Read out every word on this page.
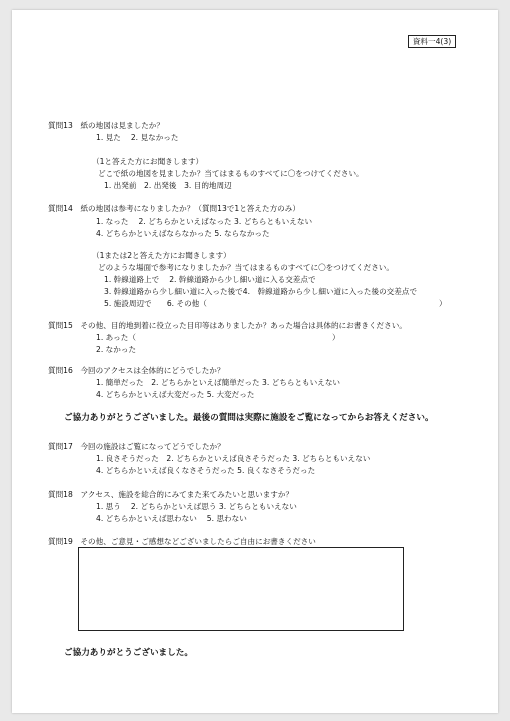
資料一4(3)
質問13　紙の地図は見ましたか？
1. 見た　 2. 見なかった
（1と答えた方にお聞きします）
どこで紙の地図を見ましたか？当てはまるものすべてに〇をつけてください。
1. 出発前　2. 出発後　3. 目的地周辺
質問14　紙の地図は参考になりましたか？（質問13で1と答えた方のみ）
1. なった　 2. どちらかといえばなった 3. どちらともいえない
4. どちらかといえばならなかった 5. ならなかった
（1または2と答えた方にお聞きします）
どのような場面で参考になりましたか？当てはまるものすべてに〇をつけてください。
1. 幹線道路上で　 2. 幹線道路から少し細い道に入る交差点で
3. 幹線道路から少し細い道に入った後で4.　幹線道路から少し細い道に入った後の交差点で
5. 施設周辺で　　6. その他（	）
質問15　その他、目的地到着に役立った目印等はありましたか？あった場合は具体的にお書きください。
1. あった（	）
2. なかった
質問16　今回のアクセスは全体的にどうでしたか？
1. 簡単だった　2. どちらかといえば簡単だった 3. どちらともいえない
4. どちらかといえば大変だった 5. 大変だった
ご協力ありがとうございました。最後の質問は実際に施設をご覧になってからお答えください。
質問17　今回の施設はご覧になってどうでしたか？
1. 良さそうだった　2. どちらかといえば良さそうだった 3. どちらともいえない
4. どちらかといえば良くなさそうだった 5. 良くなさそうだった
質問18　アクセス、施設を総合的にみてまた来てみたいと思いますか？
1. 思う　 2. どちらかといえば思う 3. どちらともいえない
4. どちらかといえば思わない　 5. 思わない
質問19　その他、ご意見・ご感想などございましたらご自由にお書きください
ご協力ありがとうございました。
